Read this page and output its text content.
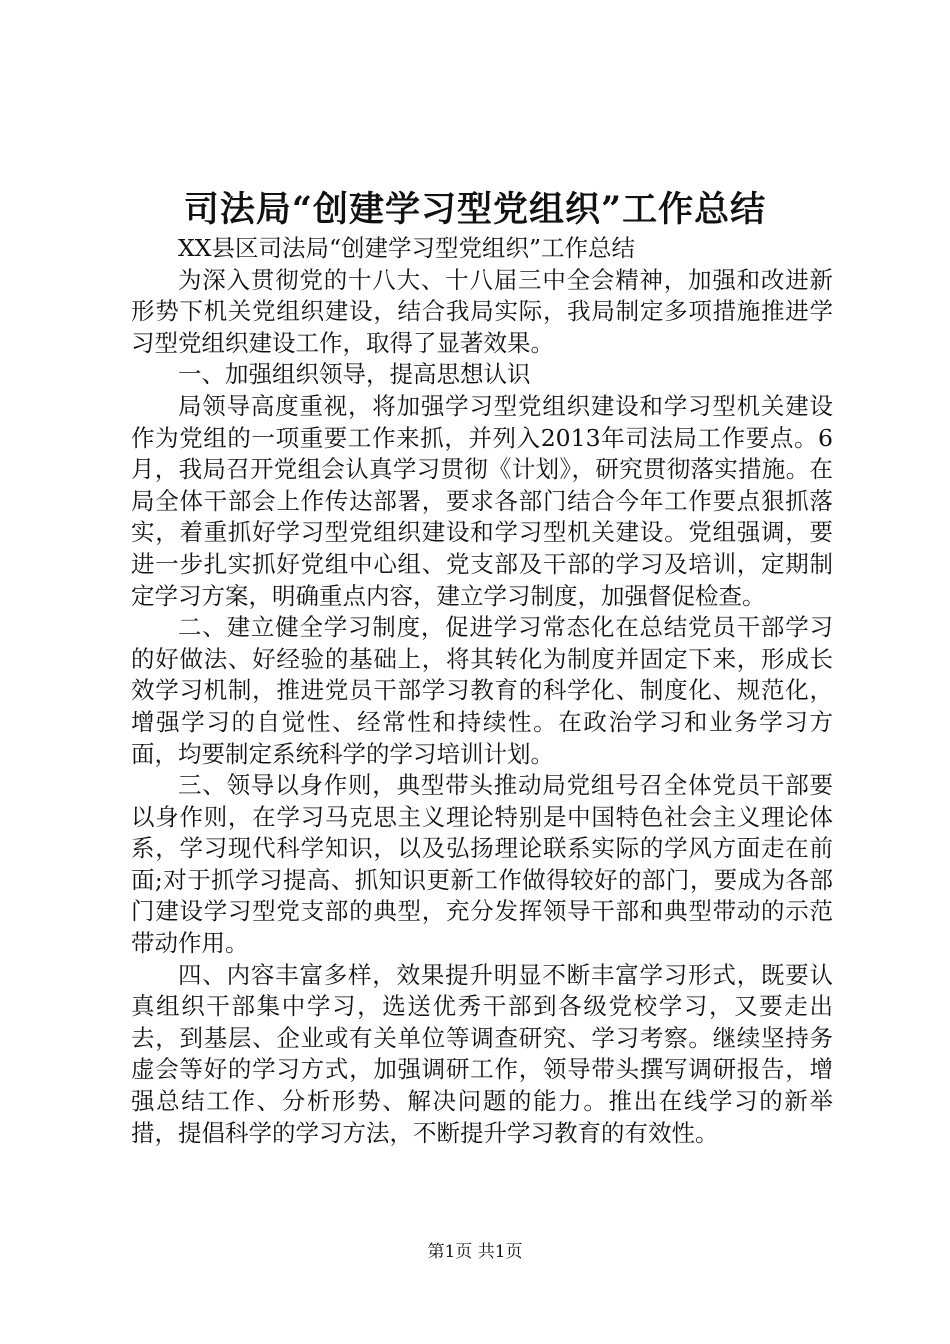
司法局“创建学习型党组织”工作总结

XX县区司法局“创建学习型党组织”工作总结

为深入贯彻党的十八大、十八届三中全会精神，加强和改进新形势下机关党组织建设，结合我局实际，我局制定多项措施推进学习型党组织建设工作，取得了显著效果。

一、加强组织领导，提高思想认识

局领导高度重视，将加强学习型党组织建设和学习型机关建设作为党组的一项重要工作来抓，并列入2013年司法局工作要点。6月，我局召开党组会认真学习贯彻《计划》，研究贯彻落实措施。在局全体干部会上作传达部署，要求各部门结合今年工作要点狠抓落实，着重抓好学习型党组织建设和学习型机关建设。党组强调，要进一步扎实抓好党组中心组、党支部及干部的学习及培训，定期制定学习方案，明确重点内容，建立学习制度，加强督促检查。

二、建立健全学习制度，促进学习常态化在总结党员干部学习的好做法、好经验的基础上，将其转化为制度并固定下来，形成长效学习机制，推进党员干部学习教育的科学化、制度化、规范化，增强学习的自觉性、经常性和持续性。在政治学习和业务学习方面，均要制定系统科学的学习培训计划。

三、领导以身作则，典型带头推动局党组号召全体党员干部要以身作则，在学习马克思主义理论特别是中国特色社会主义理论体系，学习现代科学知识，以及弘扬理论联系实际的学风方面走在前面;对于抓学习提高、抓知识更新工作做得较好的部门，要成为各部门建设学习型党支部的典型，充分发挥领导干部和典型带动的示范带动作用。

四、内容丰富多样，效果提升明显不断丰富学习形式，既要认真组织干部集中学习，选送优秀干部到各级党校学习，又要走出去，到基层、企业或有关单位等调查研究、学习考察。继续坚持务虚会等好的学习方式，加强调研工作，领导带头撰写调研报告，增强总结工作、分析形势、解决问题的能力。推出在线学习的新举措，提倡科学的学习方法，不断提升学习教育的有效性。

第1页 共1页
